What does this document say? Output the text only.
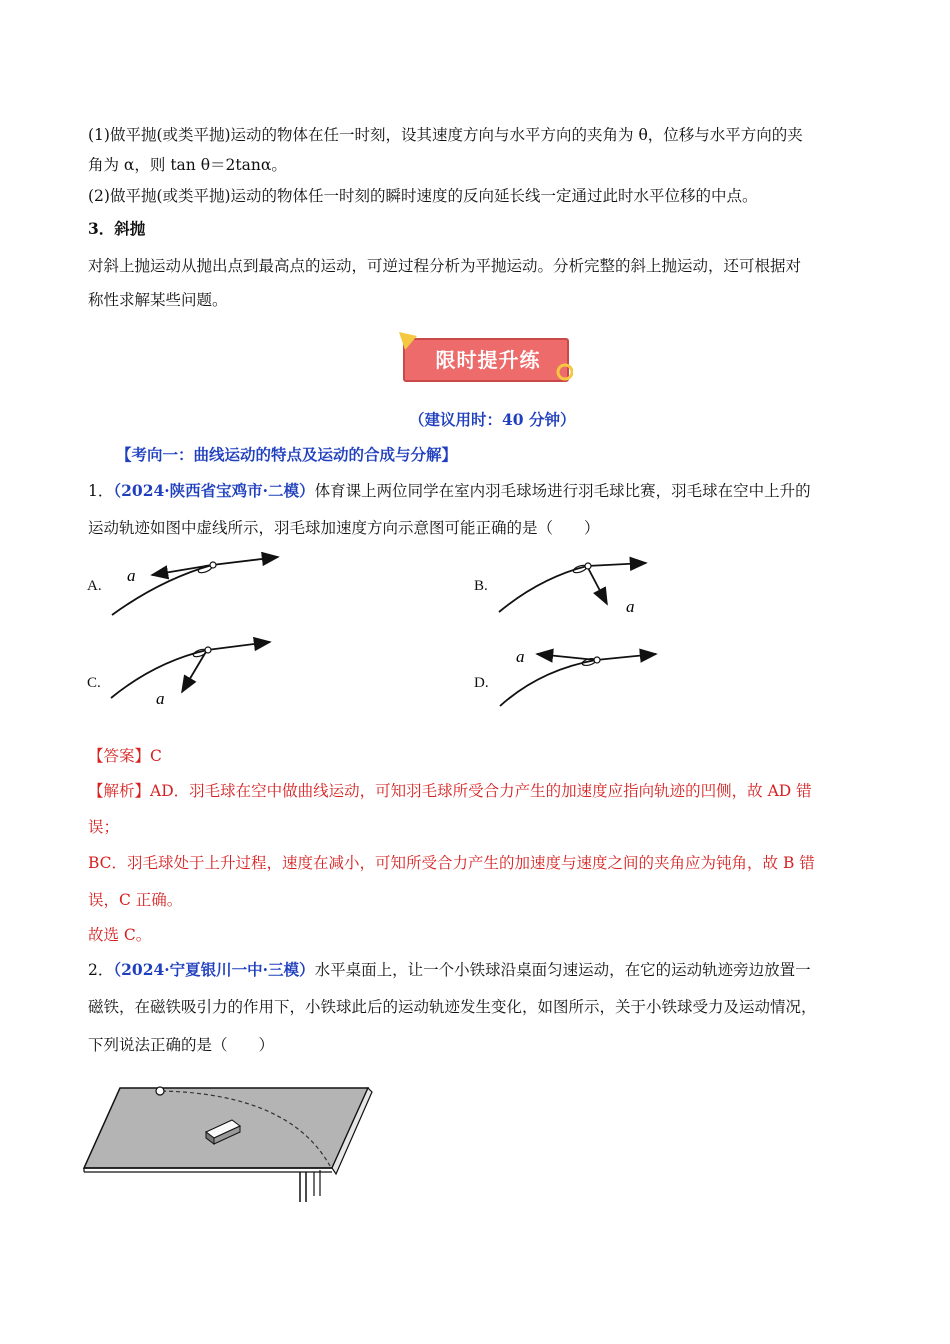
(1)做平抛(或类平抛)运动的物体在任一时刻，设其速度方向与水平方向的夹角为 θ，位移与水平方向的夹
角为 α，则 tan θ＝2tanα。
(2)做平抛(或类平抛)运动的物体任一时刻的瞬时速度的反向延长线一定通过此时水平位移的中点。
3．斜抛
对斜上抛运动从抛出点到最高点的运动，可逆过程分析为平抛运动。分析完整的斜上抛运动，还可根据对
称性求解某些问题。
限时提升练
（建议用时：40 分钟）
【考向一：曲线运动的特点及运动的合成与分解】
1．（2024·陕西省宝鸡市·二模）体育课上两位同学在室内羽毛球场进行羽毛球比赛，羽毛球在空中上升的
运动轨迹如图中虚线所示，羽毛球加速度方向示意图可能正确的是（　　）
A.	B.
C.	D.
a
a
a
a
【答案】C
【解析】AD．羽毛球在空中做曲线运动，可知羽毛球所受合力产生的加速度应指向轨迹的凹侧，故 AD 错
误；
BC．羽毛球处于上升过程，速度在减小，可知所受合力产生的加速度与速度之间的夹角应为钝角，故 B 错
误，C 正确。
故选 C。
2．（2024·宁夏银川一中·三模）水平桌面上，让一个小铁球沿桌面匀速运动，在它的运动轨迹旁边放置一
磁铁，在磁铁吸引力的作用下，小铁球此后的运动轨迹发生变化，如图所示，关于小铁球受力及运动情况，
下列说法正确的是（　　）
